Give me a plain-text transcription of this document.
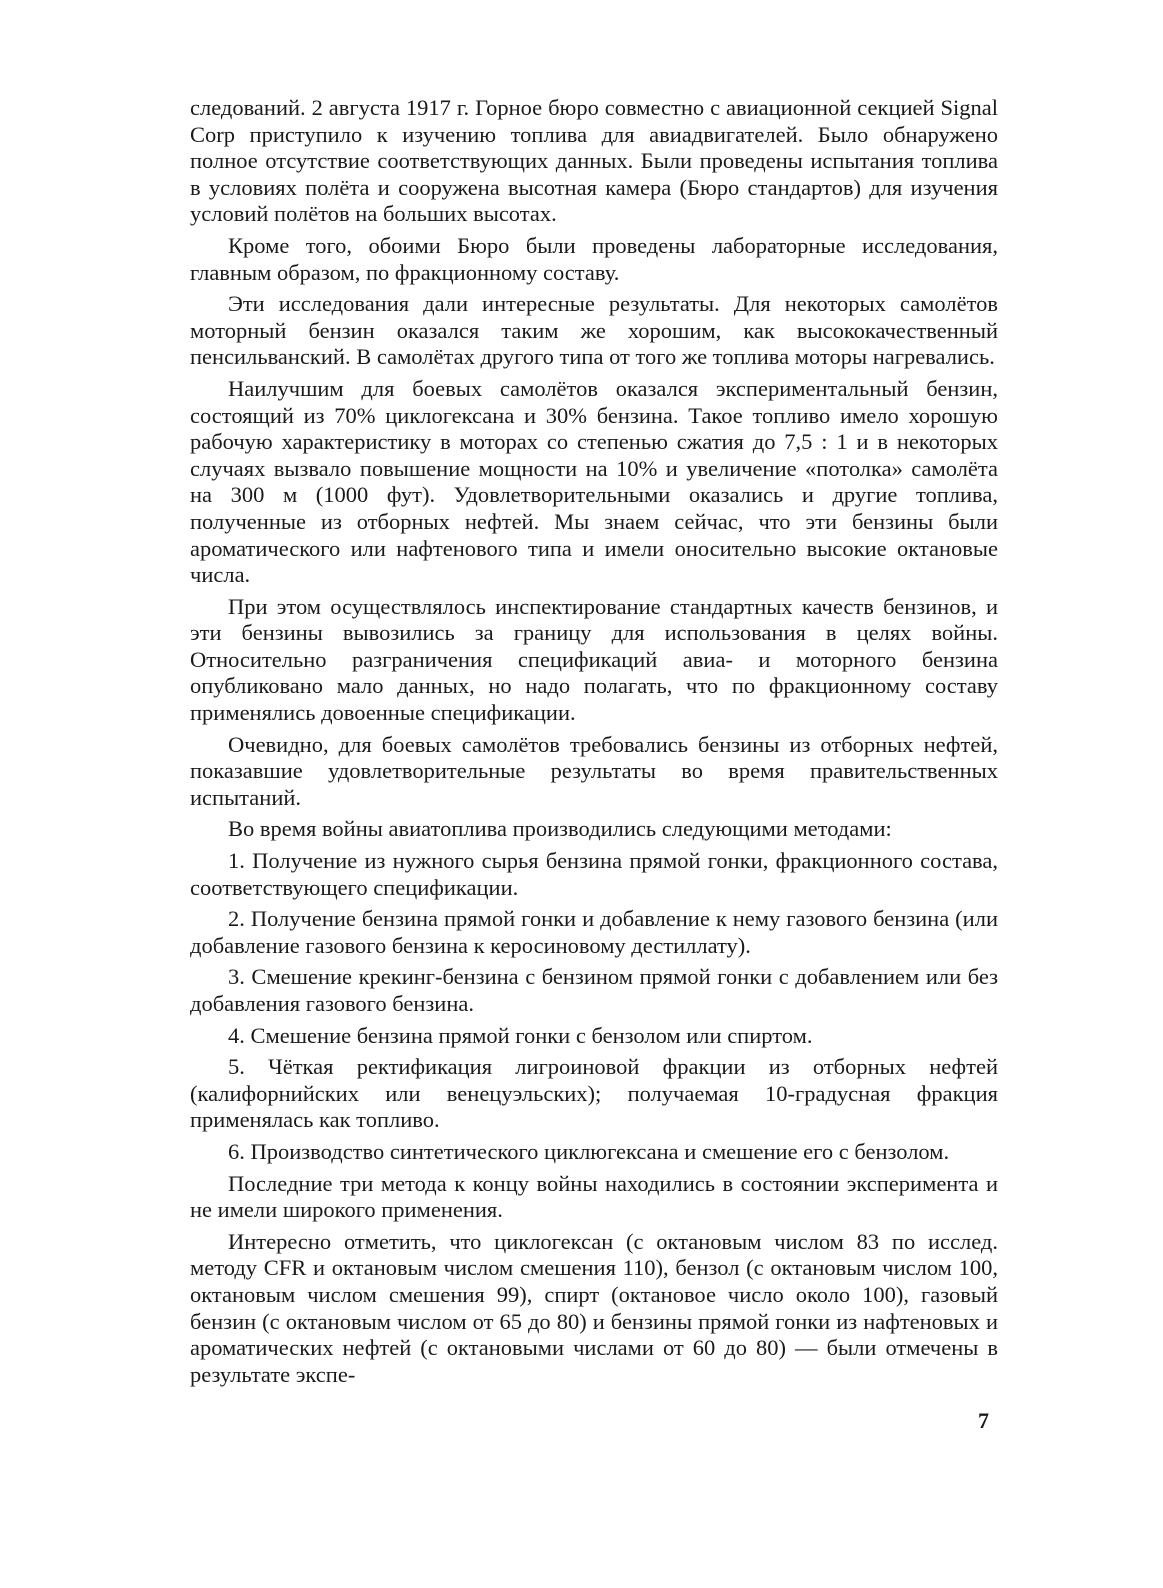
следований. 2 августа 1917 г. Горное бюро совместно с авиационной секцией Signal Corp приступило к изучению топлива для авиадвигателей. Было обнаружено полное отсутствие соответствующих данных. Были проведены испытания топлива в условиях полёта и сооружена высотная камера (Бюро стандартов) для изучения условий полётов на больших высотах.

Кроме того, обоими Бюро были проведены лабораторные исследования, главным образом, по фракционному составу.

Эти исследования дали интересные результаты. Для некоторых самолётов моторный бензин оказался таким же хорошим, как высококачественный пенсильванский. В самолётах другого типа от того же топлива моторы нагревались.

Наилучшим для боевых самолётов оказался экспериментальный бензин, состоящий из 70% циклогексана и 30% бензина. Такое топливо имело хорошую рабочую характеристику в моторах со степенью сжатия до 7,5 : 1 и в некоторых случаях вызвало повышение мощности на 10% и увеличение «потолка» самолёта на 300 м (1000 фут). Удовлетворительными оказались и другие топлива, полученные из отборных нефтей. Мы знаем сейчас, что эти бензины были ароматического или нафтенового типа и имели оносительно высокие октановые числа.

При этом осуществлялось инспектирование стандартных качеств бензинов, и эти бензины вывозились за границу для использования в целях войны. Относительно разграничения спецификаций авиа- и моторного бензина опубликовано мало данных, но надо полагать, что по фракционному составу применялись довоенные спецификации.

Очевидно, для боевых самолётов требовались бензины из отборных нефтей, показавшие удовлетворительные результаты во время правительственных испытаний.

Во время войны авиатоплива производились следующими методами:

1. Получение из нужного сырья бензина прямой гонки, фракционного состава, соответствующего спецификации.

2. Получение бензина прямой гонки и добавление к нему газового бензина (или добавление газового бензина к керосиновому дестиллату).

3. Смешение крекинг-бензина с бензином прямой гонки с добавлением или без добавления газового бензина.

4. Смешение бензина прямой гонки с бензолом или спиртом.

5. Чёткая ректификация лигроиновой фракции из отборных нефтей (калифорнийских или венецуэльских); получаемая 10-градусная фракция применялась как топливо.

6. Производство синтетического циклюгексана и смешение его с бензолом.

Последние три метода к концу войны находились в состоянии эксперимента и не имели широкого применения.

Интересно отметить, что циклогексан (с октановым числом 83 по исслед. методу CFR и октановым числом смешения 110), бензол (с октановым числом 100, октановым числом смешения 99), спирт (октановое число около 100), газовый бензин (с октановым числом от 65 до 80) и бензины прямой гонки из нафтеновых и ароматических нефтей (с октановыми числами от 60 до 80) — были отмечены в результате экспе-

7
